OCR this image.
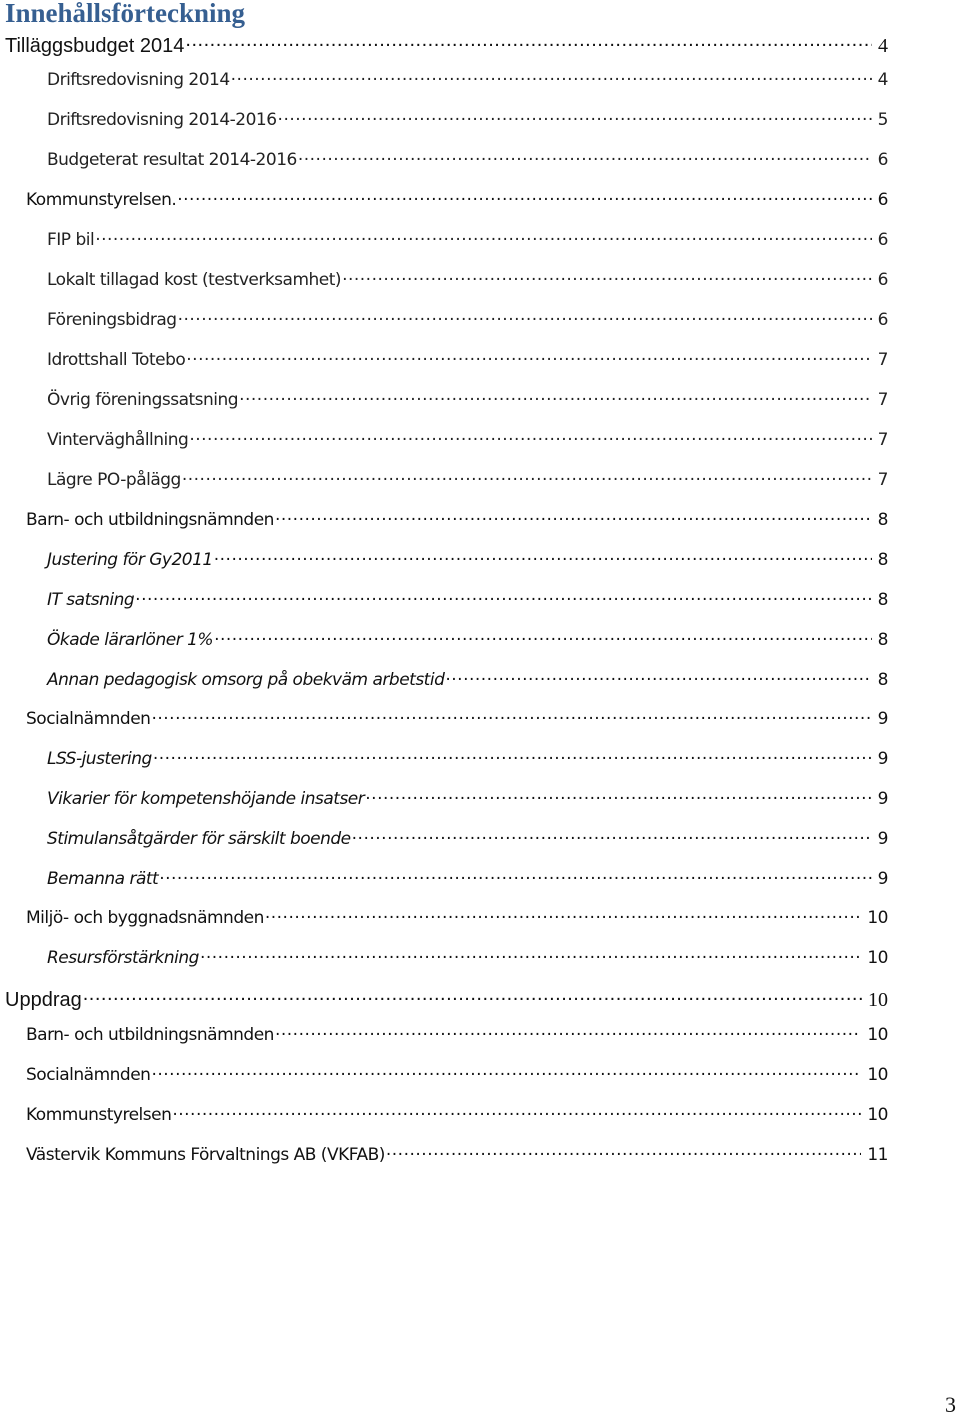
Innehållsförteckning
Tilläggsbudget 2014 .....	4
Driftsredovisning 2014 .....	4
Driftsredovisning 2014-2016 .....	5
Budgeterat resultat 2014-2016 .....	6
Kommunstyrelsen. .....	6
FIP bil .....	6
Lokalt tillagad kost (testverksamhet) .....	6
Föreningsbidrag .....	6
Idrottshall Totebo .....	7
Övrig föreningssatsning .....	7
Vinterväghållning .....	7
Lägre PO-pålägg .....	7
Barn- och utbildningsnämnden .....	8
Justering för Gy2011 .....	8
IT satsning .....	8
Ökade lärarlöner 1% .....	8
Annan pedagogisk omsorg på obekväm arbetstid .....	8
Socialnämnden .....	9
LSS-justering .....	9
Vikarier för kompetenshöjande insatser .....	9
Stimulansåtgärder för särskilt boende .....	9
Bemanna rätt .....	9
Miljö- och byggnadsnämnden .....	10
Resursförstärkning .....	10
Uppdrag .....	10
Barn- och utbildningsnämnden .....	10
Socialnämnden .....	10
Kommunstyrelsen .....	10
Västervik Kommuns Förvaltnings AB (VKFAB) .....	11
3
